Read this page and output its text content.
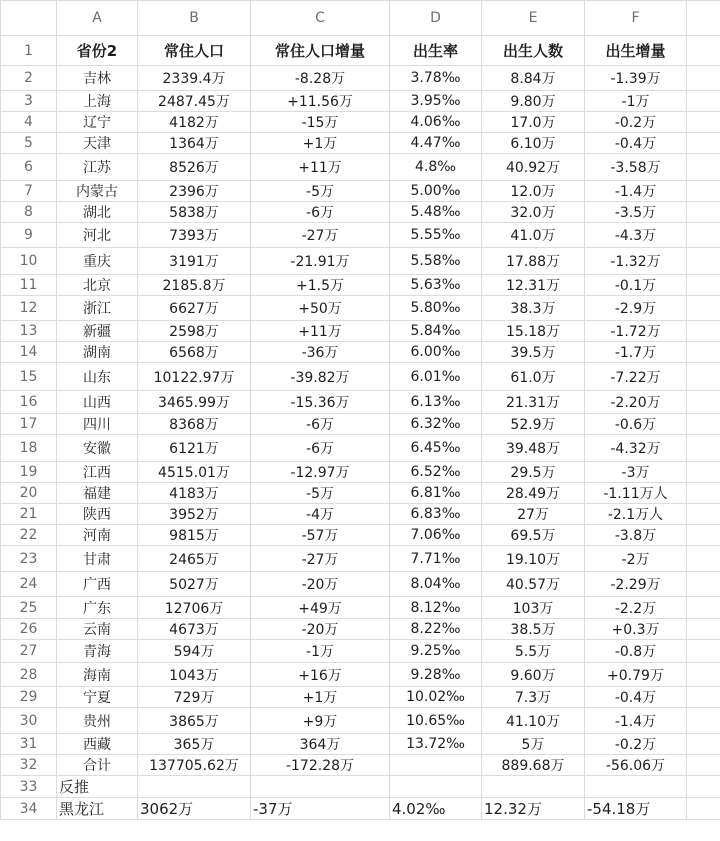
	A	B	C	D	E	F	
1	省份2	常住人口	常住人口增量	出生率	出生人数	出生增量	
2	吉林	2339.4万	-8.28万	3.78‰	8.84万	-1.39万	
3	上海	2487.45万	+11.56万	3.95‰	9.80万	-1万	
4	辽宁	4182万	-15万	4.06‰	17.0万	-0.2万	
5	天津	1364万	+1万	4.47‰	6.10万	-0.4万	
6	江苏	8526万	+11万	4.8‰	40.92万	-3.58万	
7	内蒙古	2396万	-5万	5.00‰	12.0万	-1.4万	
8	湖北	5838万	-6万	5.48‰	32.0万	-3.5万	
9	河北	7393万	-27万	5.55‰	41.0万	-4.3万	
10	重庆	3191万	-21.91万	5.58‰	17.88万	-1.32万	
11	北京	2185.8万	+1.5万	5.63‰	12.31万	-0.1万	
12	浙江	6627万	+50万	5.80‰	38.3万	-2.9万	
13	新疆	2598万	+11万	5.84‰	15.18万	-1.72万	
14	湖南	6568万	-36万	6.00‰	39.5万	-1.7万	
15	山东	10122.97万	-39.82万	6.01‰	61.0万	-7.22万	
16	山西	3465.99万	-15.36万	6.13‰	21.31万	-2.20万	
17	四川	8368万	-6万	6.32‰	52.9万	-0.6万	
18	安徽	6121万	-6万	6.45‰	39.48万	-4.32万	
19	江西	4515.01万	-12.97万	6.52‰	29.5万	-3万	
20	福建	4183万	-5万	6.81‰	28.49万	-1.11万人	
21	陕西	3952万	-4万	6.83‰	27万	-2.1万人	
22	河南	9815万	-57万	7.06‰	69.5万	-3.8万	
23	甘肃	2465万	-27万	7.71‰	19.10万	-2万	
24	广西	5027万	-20万	8.04‰	40.57万	-2.29万	
25	广东	12706万	+49万	8.12‰	103万	-2.2万	
26	云南	4673万	-20万	8.22‰	38.5万	+0.3万	
27	青海	594万	-1万	9.25‰	5.5万	-0.8万	
28	海南	1043万	+16万	9.28‰	9.60万	+0.79万	
29	宁夏	729万	+1万	10.02‰	7.3万	-0.4万	
30	贵州	3865万	+9万	10.65‰	41.10万	-1.4万	
31	西藏	365万	364万	13.72‰	5万	-0.2万	
32	合计	137705.62万	-172.28万		889.68万	-56.06万	
33	反推						
34	黑龙江	3062万	-37万	4.02‰	12.32万	-54.18万	
